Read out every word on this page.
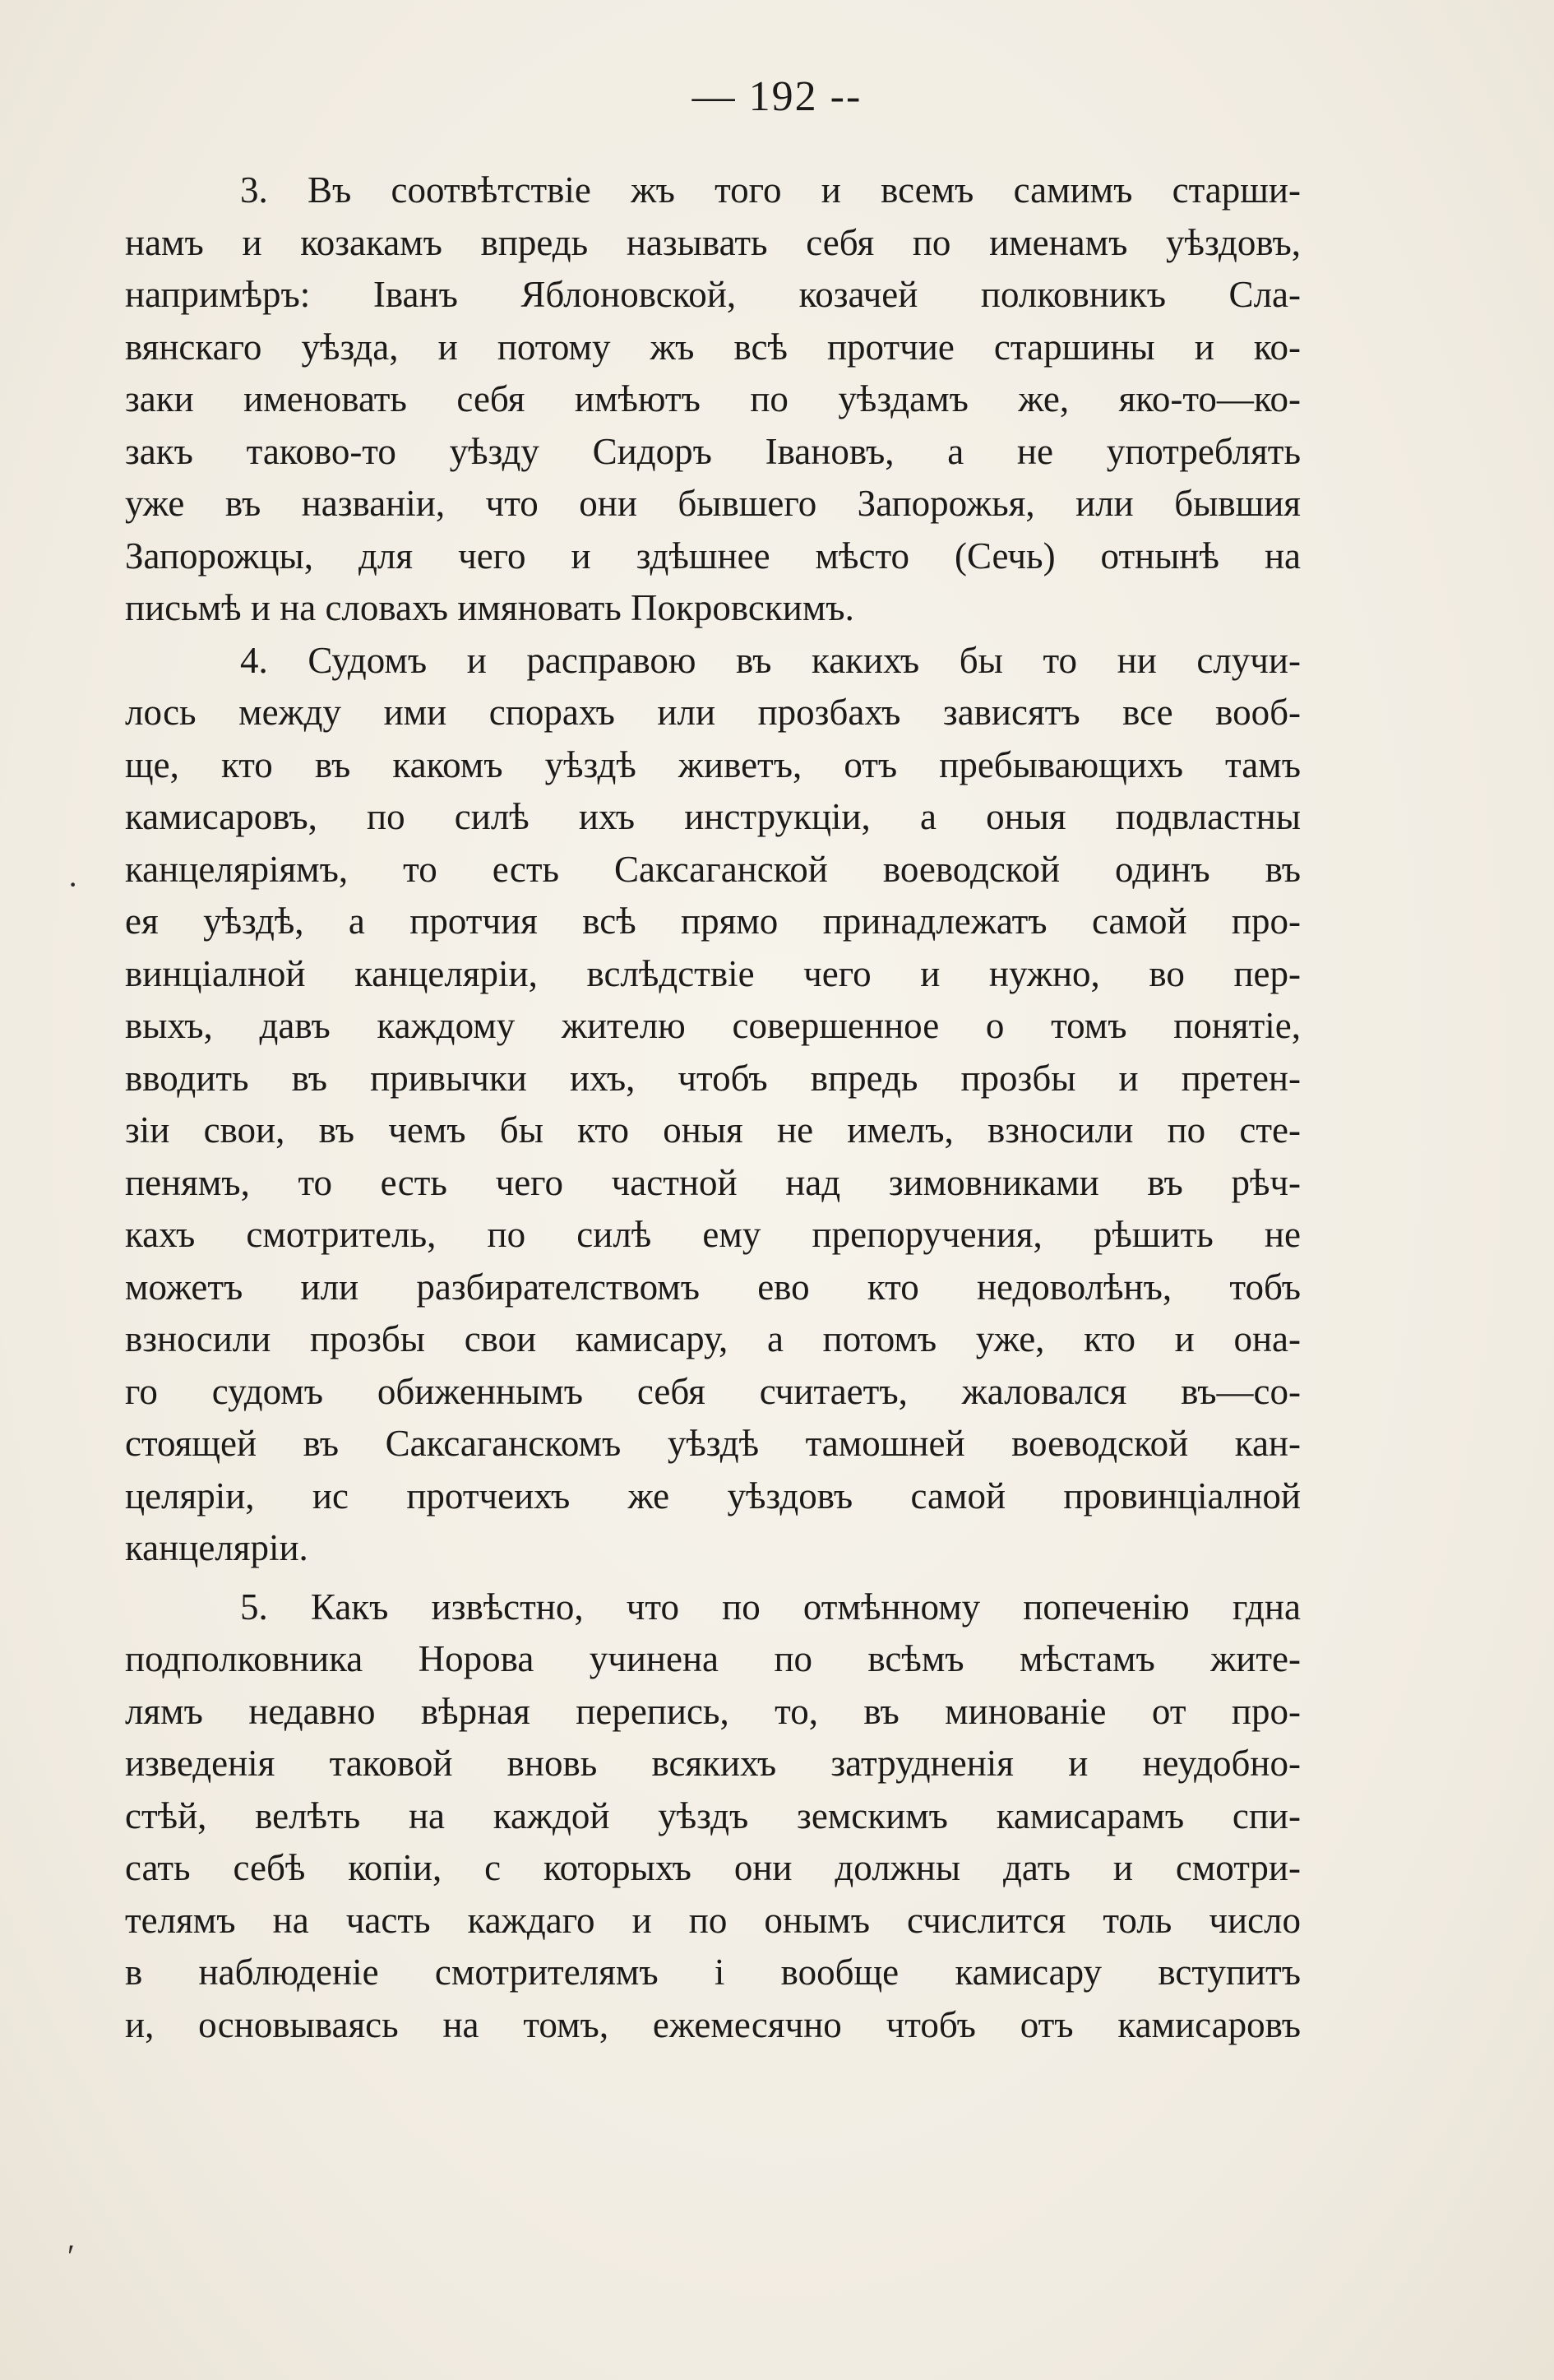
— 192 --

3. Въ соотвѣтствіе жъ того и всемъ самимъ старши-
намъ и козакамъ впредь называть себя по именамъ уѣздовъ,
напримѣръ: Іванъ Яблоновской, козачей полковникъ Сла-
вянскаго уѣзда, и потому жъ всѣ протчие старшины и ко-
заки именовать себя имѣютъ по уѣздамъ же, яко-то—ко-
закъ таково-то уѣзду Сидоръ Івановъ, а не употреблять
уже въ названіи, что они бывшего Запорожья, или бывшия
Запорожцы, для чего и здѣшнее мѣсто (Сечь) отнынѣ на
письмѣ и на словахъ имяновать Покровскимъ.

4. Судомъ и расправою въ какихъ бы то ни случи-
лось между ими спорахъ или прозбахъ зависятъ все вооб-
ще, кто въ какомъ уѣздѣ живетъ, отъ пребывающихъ тамъ
камисаровъ, по силѣ ихъ инструкціи, а оныя подвластны
канцеляріямъ, то есть Саксаганской воеводской одинъ въ
ея уѣздѣ, а протчия всѣ прямо принадлежатъ самой про-
винціалной канцеляріи, вслѣдствіе чего и нужно, во пер-
выхъ, давъ каждому жителю совершенное о томъ понятіе,
вводить въ привычки ихъ, чтобъ впредь прозбы и претен-
зіи свои, въ чемъ бы кто оныя не имелъ, взносили по сте-
пенямъ, то есть чего частной над зимовниками въ рѣч-
кахъ смотритель, по силѣ ему препоручения, рѣшить не
можетъ или разбирателствомъ ево кто недоволѣнъ, тобъ
взносили прозбы свои камисару, а потомъ уже, кто и она-
го судомъ обиженнымъ себя считаетъ, жаловался въ—со-
стоящей въ Саксаганскомъ уѣздѣ тамошней воеводской кан-
целяріи, ис протчеихъ же уѣздовъ самой провинціалной
канцеляріи.

5. Какъ извѣстно, что по отмѣнному попеченію гдна
подполковника Норова учинена по всѣмъ мѣстамъ жите-
лямъ недавно вѣрная перепись, то, въ минованіе от про-
изведенія таковой вновь всякихъ затрудненія и неудобно-
стѣй, велѣть на каждой уѣздъ земскимъ камисарамъ спи-
сать себѣ копіи, с которыхъ они должны дать и смотри-
телямъ на часть каждаго и по онымъ счислится толь число
в наблюденіе смотрителямъ і вообще камисару вступитъ
и, основываясь на томъ, ежемесячно чтобъ отъ камисаровъ

·
ʹ
